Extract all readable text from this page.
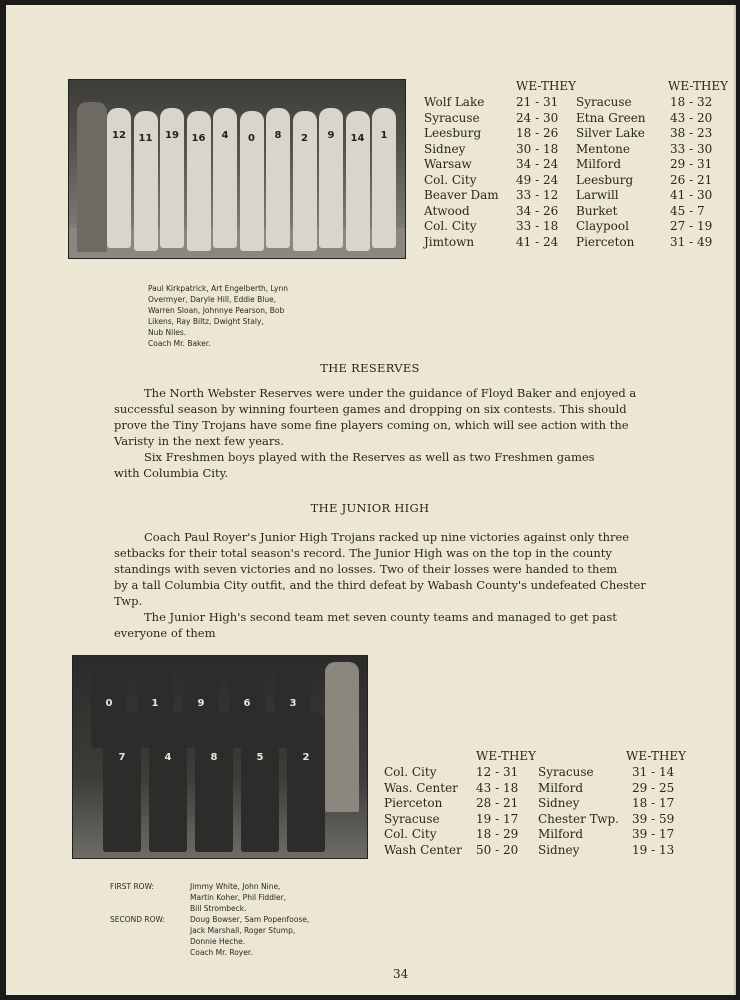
12	11	19	16	4	0	8	2	9	14	1
Paul Kirkpatrick, Art Engelberth, Lynn
Overmyer, Daryle Hill, Eddie Blue,
Warren Sloan, Johnnye Pearson, Bob
Likens, Ray Biltz, Dwight Staly,
Nub Niles.
Coach Mr. Baker.
WE-THEY	WE-THEY
Wolf Lake	21 - 31 Syracuse	18 - 32
Syracuse	24 - 30 Etna Green 43 - 20
Leesburg	18 - 26 Silver Lake 38 - 23
Sidney	30 - 18 Mentone	33 - 30
Warsaw	34 - 24 Milford	29 - 31
Col. City	49 - 24 Leesburg	26 - 21
Beaver Dam 33 - 12 Larwill	41 - 30
Atwood	34 - 26 Burket	45 - 7
Col. City	33 - 18 Claypool	27 - 19
Jimtown	41 - 24 Pierceton	31 - 49
THE RESERVES
The North Webster Reserves were under the guidance of Floyd Baker and enjoyed a
successful season by winning fourteen games and dropping on six contests. This should
prove the Tiny Trojans have some fine players coming on, which will see action with the
Varisty in the next few years.
Six Freshmen boys played with the Reserves as well as two Freshmen games
with Columbia City.
THE JUNIOR HIGH
Coach Paul Royer's Junior High Trojans racked up nine victories against only three
setbacks for their total season's record. The Junior High was on the top in the county
standings with seven victories and no losses. Two of their losses were handed to them
by a tall Columbia City outfit, and the third defeat by Wabash County's undefeated Chester
Twp.
The Junior High's second team met seven county teams and managed to get past
everyone of them
0	1	9	6	3
7	4	8	5	2	WE-THEY	WE-THEY
Col. City	12 - 31 Syracuse	31 - 14
Was. Center 43 - 18 Milford	29 - 25
Pierceton	28 - 21 Sidney	18 - 17
Syracuse	19 - 17 Chester Twp. 39 - 59
Col. City	18 - 29 Milford	39 - 17
Wash Center 50 - 20 Sidney	19 - 13
FIRST ROW:	Jimmy White, John Nine,
Martin Koher, Phil Fiddler,
Bill Strombeck.
SECOND ROW:	Doug Bowser, Sam Popenfoose,
Jack Marshall, Roger Stump,
Donnie Heche.
Coach Mr. Royer.
34
